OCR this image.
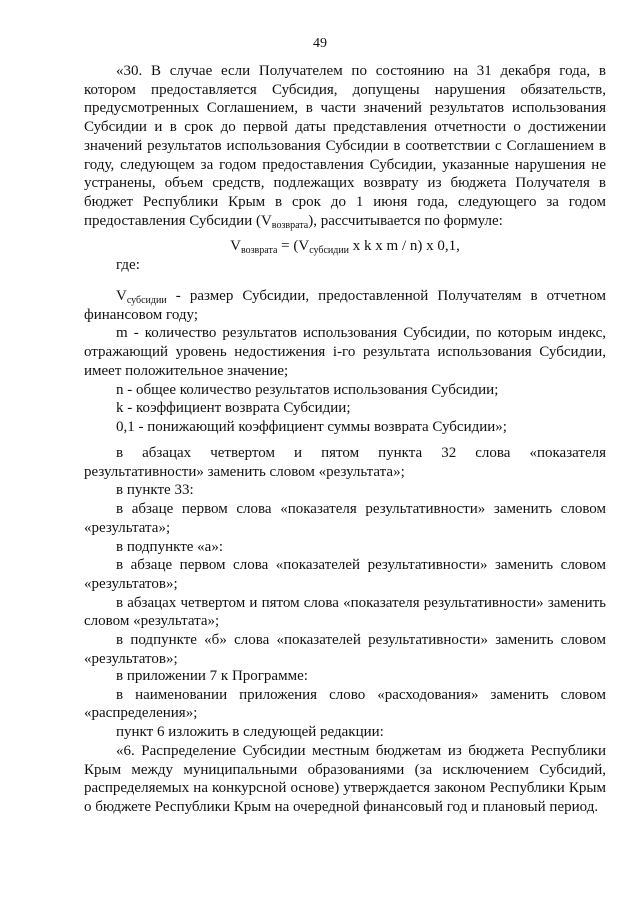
49

«30. В случае если Получателем по состоянию на 31 декабря года, в котором предоставляется Субсидия, допущены нарушения обязательств, предусмотренных Соглашением, в части значений результатов использования Субсидии и в срок до первой даты представления отчетности о достижении значений результатов использования Субсидии в соответствии с Соглашением в году, следующем за годом предоставления Субсидии, указанные нарушения не устранены, объем средств, подлежащих возврату из бюджета Получателя в бюджет Республики Крым в срок до 1 июня года, следующего за годом предоставления Субсидии $(V_{возврата})$, рассчитывается по формуле:

$V_{возврата} = (V_{субсидии}$ x k x m / n) x 0,1,

где:

$V_{субсидии}$ - размер Субсидии, предоставленной Получателям в отчетном финансовом году;

m - количество результатов использования Субсидии, по которым индекс, отражающий уровень недостижения i-го результата использования Субсидии, имеет положительное значение;

n - общее количество результатов использования Субсидии;

k - коэффициент возврата Субсидии;

0,1 - понижающий коэффициент суммы возврата Субсидии»;

в абзацах четвертом и пятом пункта 32 слова «показателя результативности» заменить словом «результата»;

в пункте 33:

в абзаце первом слова «показателя результативности» заменить словом «результата»;

в подпункте «а»:

в абзаце первом слова «показателей результативности» заменить словом «результатов»;

в абзацах четвертом и пятом слова «показателя результативности» заменить словом «результата»;

в подпункте «б» слова «показателей результативности» заменить словом «результатов»;

в приложении 7 к Программе:

в наименовании приложения слово «расходования» заменить словом «распределения»;

пункт 6 изложить в следующей редакции:

«6. Распределение Субсидии местным бюджетам из бюджета Республики Крым между муниципальными образованиями (за исключением Субсидий, распределяемых на конкурсной основе) утверждается законом Республики Крым о бюджете Республики Крым на очередной финансовый год и плановый период.
